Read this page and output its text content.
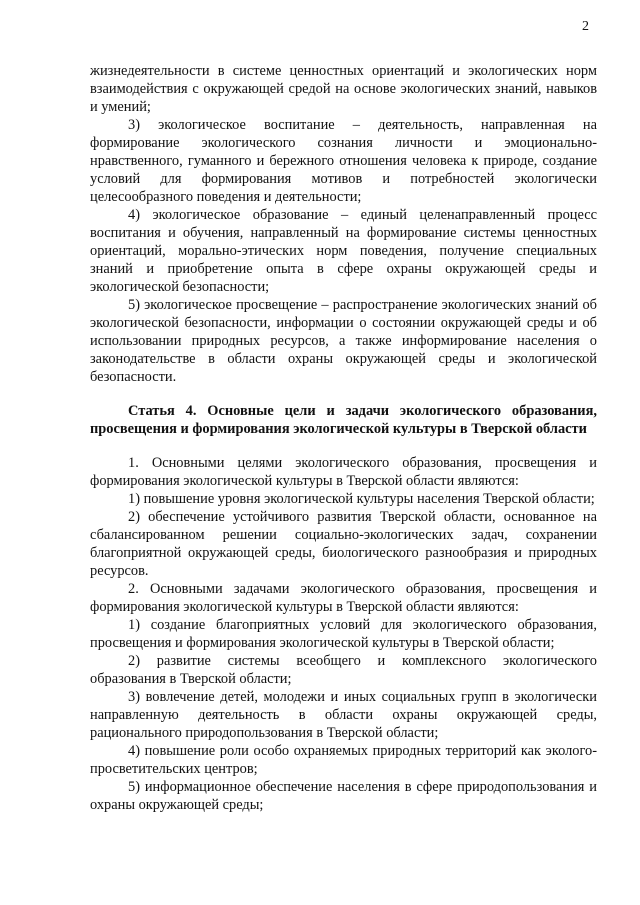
2

жизнедеятельности в системе ценностных ориентаций и экологических норм взаимодействия с окружающей средой на основе экологических знаний, навыков и умений;

3) экологическое воспитание – деятельность, направленная на формирование экологического сознания личности и эмоционально-нравственного, гуманного и бережного отношения человека к природе, создание условий для формирования мотивов и потребностей экологически целесообразного поведения и деятельности;

4) экологическое образование – единый целенаправленный процесс воспитания и обучения, направленный на формирование системы ценностных ориентаций, морально-этических норм поведения, получение специальных знаний и приобретение опыта в сфере охраны окружающей среды и экологической безопасности;

5) экологическое просвещение – распространение экологических знаний об экологической безопасности, информации о состоянии окружающей среды и об использовании природных ресурсов, а также информирование населения о законодательстве в области охраны окружающей среды и экологической безопасности.

Статья 4. Основные цели и задачи экологического образования, просвещения и формирования экологической культуры в Тверской области

1. Основными целями экологического образования, просвещения и формирования экологической культуры в Тверской области являются:

1) повышение уровня экологической культуры населения Тверской области;

2) обеспечение устойчивого развития Тверской области, основанное на сбалансированном решении социально-экологических задач, сохранении благоприятной окружающей среды, биологического разнообразия и природных ресурсов.

2. Основными задачами экологического образования, просвещения и формирования экологической культуры в Тверской области являются:

1) создание благоприятных условий для экологического образования, просвещения и формирования экологической культуры в Тверской области;

2) развитие системы всеобщего и комплексного экологического образования в Тверской области;

3) вовлечение детей, молодежи и иных социальных групп в экологически направленную деятельность в области охраны окружающей среды, рационального природопользования в Тверской области;

4) повышение роли особо охраняемых природных территорий как эколого-просветительских центров;

5) информационное обеспечение населения в сфере природопользования и охраны окружающей среды;
